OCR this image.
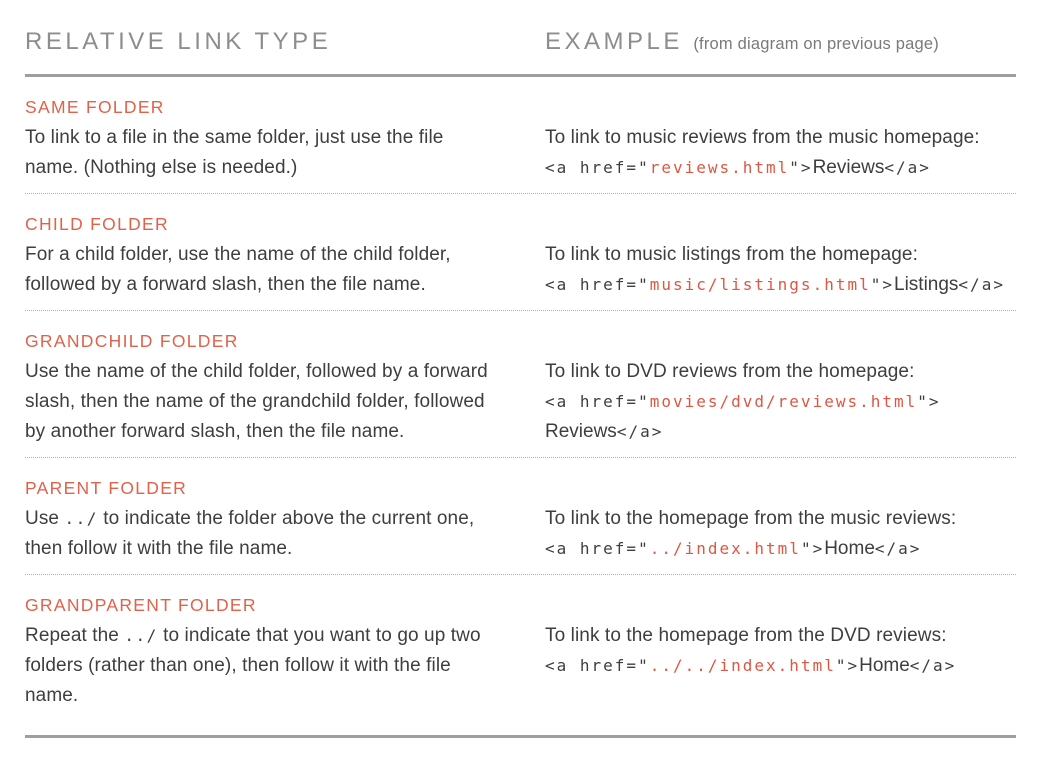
RELATIVE LINK TYPE	EXAMPLE (from diagram on previous page)
SAME FOLDER
To link to a file in the same folder, just use the file name. (Nothing else is needed.)
To link to music reviews from the music homepage:
<a href="reviews.html">Reviews</a>
CHILD FOLDER
For a child folder, use the name of the child folder, followed by a forward slash, then the file name.
To link to music listings from the homepage:
<a href="music/listings.html">Listings</a>
GRANDCHILD FOLDER
Use the name of the child folder, followed by a forward slash, then the name of the grandchild folder, followed by another forward slash, then the file name.
To link to DVD reviews from the homepage:
<a href="movies/dvd/reviews.html">
Reviews</a>
PARENT FOLDER
Use ../ to indicate the folder above the current one, then follow it with the file name.
To link to the homepage from the music reviews:
<a href="../index.html">Home</a>
GRANDPARENT FOLDER
Repeat the ../ to indicate that you want to go up two folders (rather than one), then follow it with the file name.
To link to the homepage from the DVD reviews:
<a href="../../index.html">Home</a>
